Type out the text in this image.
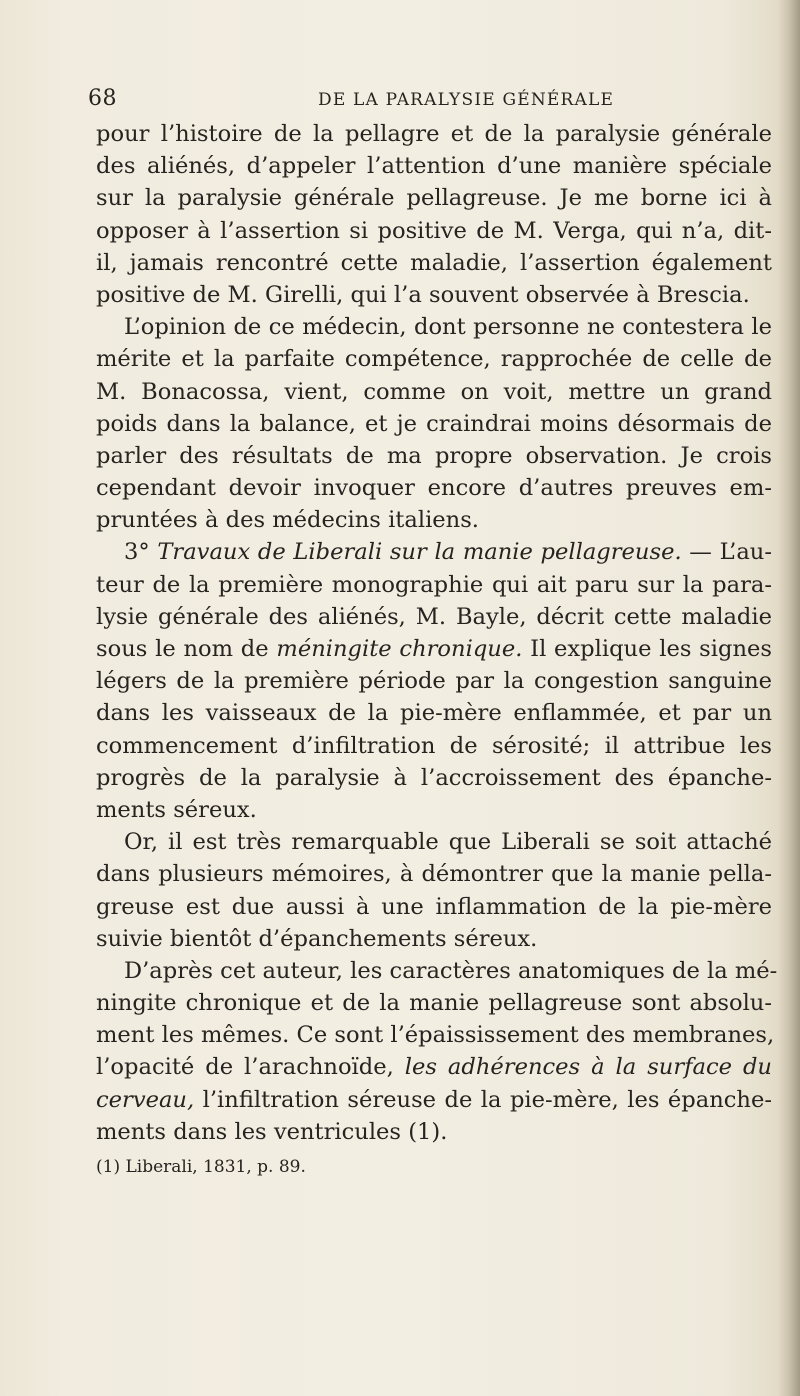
68	DE LA PARALYSIE GÉNÉRALE
pour l’histoire de la pellagre et de la paralysie générale
des aliénés, d’appeler l’attention d’une manière spéciale
sur la paralysie générale pellagreuse. Je me borne ici à
opposer à l’assertion si positive de M. Verga, qui n’a, dit-
il, jamais rencontré cette maladie, l’assertion également
positive de M. Girelli, qui l’a souvent observée à Brescia.
L’opinion de ce médecin, dont personne ne contestera le
mérite et la parfaite compétence, rapprochée de celle de
M. Bonacossa, vient, comme on voit, mettre un grand
poids dans la balance, et je craindrai moins désormais de
parler des résultats de ma propre observation. Je crois
cependant devoir invoquer encore d’autres preuves em-
pruntées à des médecins italiens.
3° Travaux de Liberali sur la manie pellagreuse. — L’au-
teur de la première monographie qui ait paru sur la para-
lysie générale des aliénés, M. Bayle, décrit cette maladie
sous le nom de méningite chronique. Il explique les signes
légers de la première période par la congestion sanguine
dans les vaisseaux de la pie-mère enflammée, et par un
commencement d’infiltration de sérosité; il attribue les
progrès de la paralysie à l’accroissement des épanche-
ments séreux.
Or, il est très remarquable que Liberali se soit attaché
dans plusieurs mémoires, à démontrer que la manie pella-
greuse est due aussi à une inflammation de la pie-mère
suivie bientôt d’épanchements séreux.
D’après cet auteur, les caractères anatomiques de la mé-
ningite chronique et de la manie pellagreuse sont absolu-
ment les mêmes. Ce sont l’épaississement des membranes,
l’opacité de l’arachnoïde, les adhérences à la surface du
cerveau, l’infiltration séreuse de la pie-mère, les épanche-
ments dans les ventricules (1).
(1) Liberali, 1831, p. 89.
